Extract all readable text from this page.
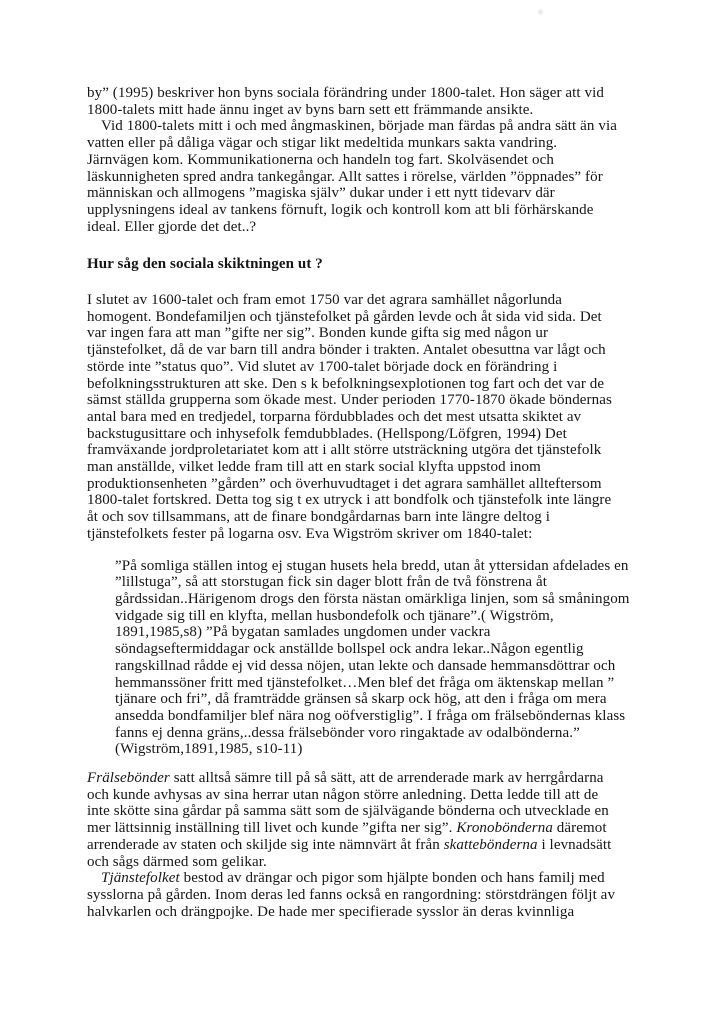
by” (1995) beskriver hon byns sociala förändring under 1800-talet. Hon säger att vid
1800-talets mitt hade ännu inget av byns barn sett ett främmande ansikte.
Vid 1800-talets mitt i och med ångmaskinen, började man färdas på andra sätt än via
vatten eller på dåliga vägar och stigar likt medeltida munkars sakta vandring.
Järnvägen kom. Kommunikationerna och handeln tog fart. Skolväsendet och
läskunnigheten spred andra tankegångar. Allt sattes i rörelse, världen ”öppnades” för
människan och allmogens ”magiska själv” dukar under i ett nytt tidevarv där
upplysningens ideal av tankens förnuft, logik och kontroll kom att bli förhärskande
ideal. Eller gjorde det det..?
Hur såg den sociala skiktningen ut ?
I slutet av 1600-talet och fram emot 1750 var det agrara samhället någorlunda
homogent. Bondefamiljen och tjänstefolket på gården levde och åt sida vid sida. Det
var ingen fara att man ”gifte ner sig”. Bonden kunde gifta sig med någon ur
tjänstefolket, då de var barn till andra bönder i trakten. Antalet obesuttna var lågt och
störde inte ”status quo”. Vid slutet av 1700-talet började dock en förändring i
befolkningsstrukturen att ske. Den s k befolkningsexplotionen tog fart och det var de
sämst ställda grupperna som ökade mest. Under perioden 1770-1870 ökade böndernas
antal bara med en tredjedel, torparna fördubblades och det mest utsatta skiktet av
backstugusittare och inhysefolk femdubblades. (Hellspong/Löfgren, 1994) Det
framväxande jordproletariatet kom att i allt större utsträckning utgöra det tjänstefolk
man anställde, vilket ledde fram till att en stark social klyfta uppstod inom
produktionsenheten ”gården” och överhuvudtaget i det agrara samhället allteftersom
1800-talet fortskred. Detta tog sig t ex utryck i att bondfolk och tjänstefolk inte längre
åt och sov tillsammans, att de finare bondgårdarnas barn inte längre deltog i
tjänstefolkets fester på logarna osv. Eva Wigström skriver om 1840-talet:
”På somliga ställen intog ej stugan husets hela bredd, utan åt yttersidan afdelades en
”lillstuga”, så att storstugan fick sin dager blott från de två fönstrena åt
gårdssidan..Härigenom drogs den första nästan omärkliga linjen, som så småningom
vidgade sig till en klyfta, mellan husbondefolk och tjänare”.( Wigström,
1891,1985,s8) ”På bygatan samlades ungdomen under vackra
söndagseftermiddagar ock anställde bollspel ock andra lekar..Någon egentlig
rangskillnad rådde ej vid dessa nöjen, utan lekte och dansade hemmansdöttrar och
hemmanssöner fritt med tjänstefolket…Men blef det fråga om äktenskap mellan ”
tjänare och fri”, då framträdde gränsen så skarp ock hög, att den i fråga om mera
ansedda bondfamiljer blef nära nog oöfverstiglig”. I fråga om frälseböndernas klass
fanns ej denna gräns,..dessa frälsebönder voro ringaktade av odalbönderna.”
(Wigström,1891,1985, s10-11)
Frälsebönder satt alltså sämre till på så sätt, att de arrenderade mark av herrgårdarna
och kunde avhysas av sina herrar utan någon större anledning. Detta ledde till att de
inte skötte sina gårdar på samma sätt som de självägande bönderna och utvecklade en
mer lättsinnig inställning till livet och kunde ”gifta ner sig”. Kronobönderna däremot
arrenderade av staten och skiljde sig inte nämnvärt åt från skattebönderna i levnadsätt
och sågs därmed som gelikar.
Tjänstefolket bestod av drängar och pigor som hjälpte bonden och hans familj med
sysslorna på gården. Inom deras led fanns också en rangordning: störstdrängen följt av
halvkarlen och drängpojke. De hade mer specifierade sysslor än deras kvinnliga
